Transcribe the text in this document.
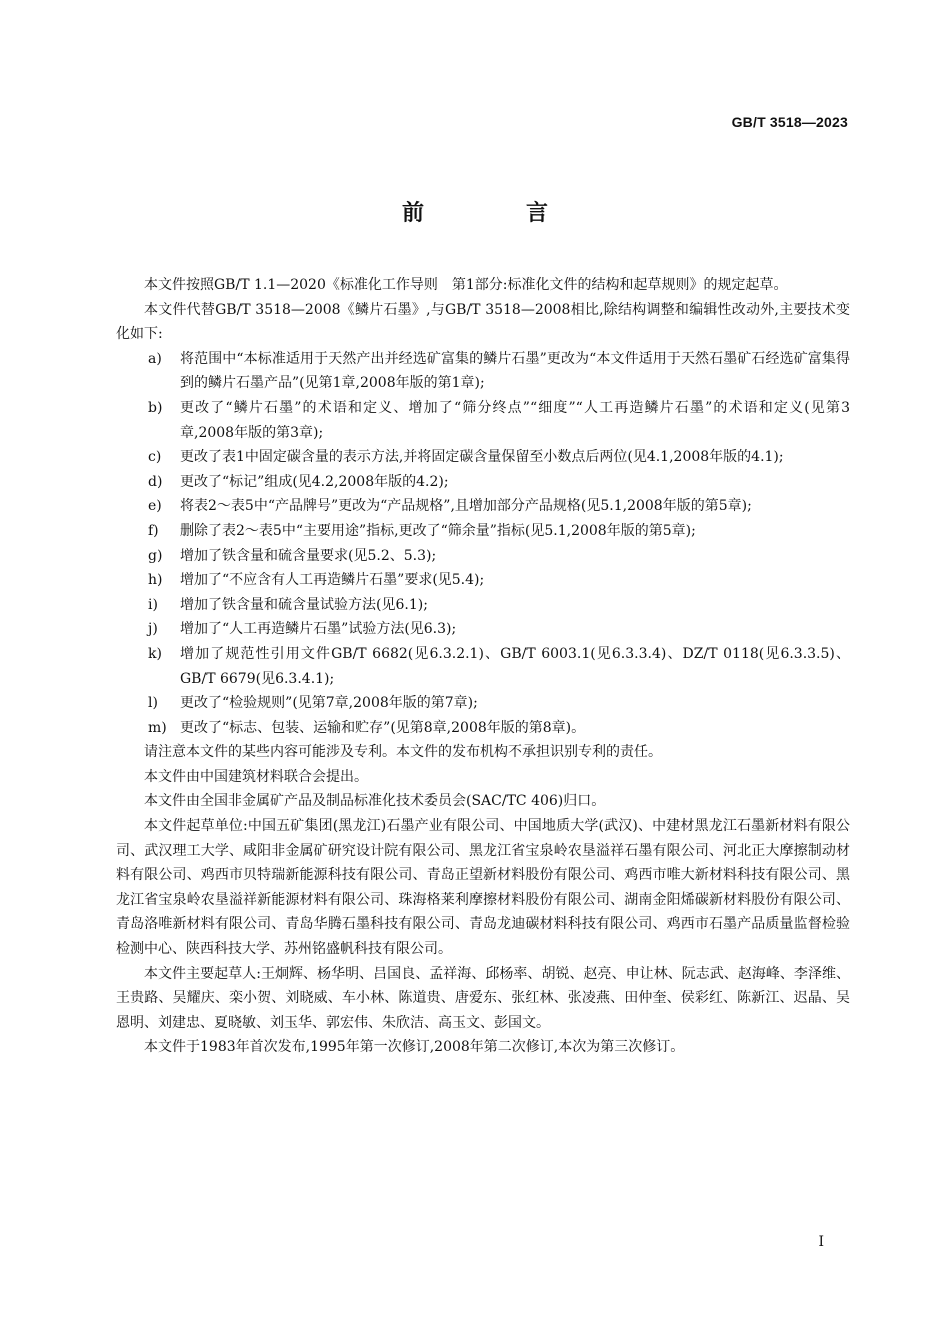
GB/T 3518—2023
前　言

本文件按照GB/T 1.1—2020《标准化工作导则　第1部分:标准化文件的结构和起草规则》的规定起草。

本文件代替GB/T 3518—2008《鳞片石墨》,与GB/T 3518—2008相比,除结构调整和编辑性改动外,主要技术变化如下:

a) 将范围中“本标准适用于天然产出并经选矿富集的鳞片石墨”更改为“本文件适用于天然石墨矿石经选矿富集得到的鳞片石墨产品”(见第1章,2008年版的第1章);
b) 更改了“鳞片石墨”的术语和定义、增加了“筛分终点”“细度”“人工再造鳞片石墨”的术语和定义(见第3章,2008年版的第3章);
c) 更改了表1中固定碳含量的表示方法,并将固定碳含量保留至小数点后两位(见4.1,2008年版的4.1);
d) 更改了“标记”组成(见4.2,2008年版的4.2);
e) 将表2～表5中“产品牌号”更改为“产品规格”,且增加部分产品规格(见5.1,2008年版的第5章);
f) 删除了表2～表5中“主要用途”指标,更改了“筛余量”指标(见5.1,2008年版的第5章);
g) 增加了铁含量和硫含量要求(见5.2、5.3);
h) 增加了“不应含有人工再造鳞片石墨”要求(见5.4);
i) 增加了铁含量和硫含量试验方法(见6.1);
j) 增加了“人工再造鳞片石墨”试验方法(见6.3);
k) 增加了规范性引用文件GB/T 6682(见6.3.2.1)、GB/T 6003.1(见6.3.3.4)、DZ/T 0118(见6.3.3.5)、GB/T 6679(见6.3.4.1);
l) 更改了“检验规则”(见第7章,2008年版的第7章);
m) 更改了“标志、包装、运输和贮存”(见第8章,2008年版的第8章)。

请注意本文件的某些内容可能涉及专利。本文件的发布机构不承担识别专利的责任。

本文件由中国建筑材料联合会提出。

本文件由全国非金属矿产品及制品标准化技术委员会(SAC/TC 406)归口。

本文件起草单位:中国五矿集团(黑龙江)石墨产业有限公司、中国地质大学(武汉)、中建材黑龙江石墨新材料有限公司、武汉理工大学、咸阳非金属矿研究设计院有限公司、黑龙江省宝泉岭农垦溢祥石墨有限公司、河北正大摩擦制动材料有限公司、鸡西市贝特瑞新能源科技有限公司、青岛正望新材料股份有限公司、鸡西市唯大新材料科技有限公司、黑龙江省宝泉岭农垦溢祥新能源材料有限公司、珠海格莱利摩擦材料股份有限公司、湖南金阳烯碳新材料股份有限公司、青岛洛唯新材料有限公司、青岛华腾石墨科技有限公司、青岛龙迪碳材料科技有限公司、鸡西市石墨产品质量监督检验检测中心、陕西科技大学、苏州铭盛帆科技有限公司。

本文件主要起草人:王炯辉、杨华明、吕国良、孟祥海、邱杨率、胡锐、赵亮、申让林、阮志武、赵海峰、李泽维、王贵路、吴耀庆、栾小贺、刘晓威、车小林、陈道贵、唐爱东、张红林、张凌燕、田仲奎、侯彩红、陈新江、迟晶、吴恩明、刘建忠、夏晓敏、刘玉华、郭宏伟、朱欣洁、高玉文、彭国文。

本文件于1983年首次发布,1995年第一次修订,2008年第二次修订,本次为第三次修订。

I
